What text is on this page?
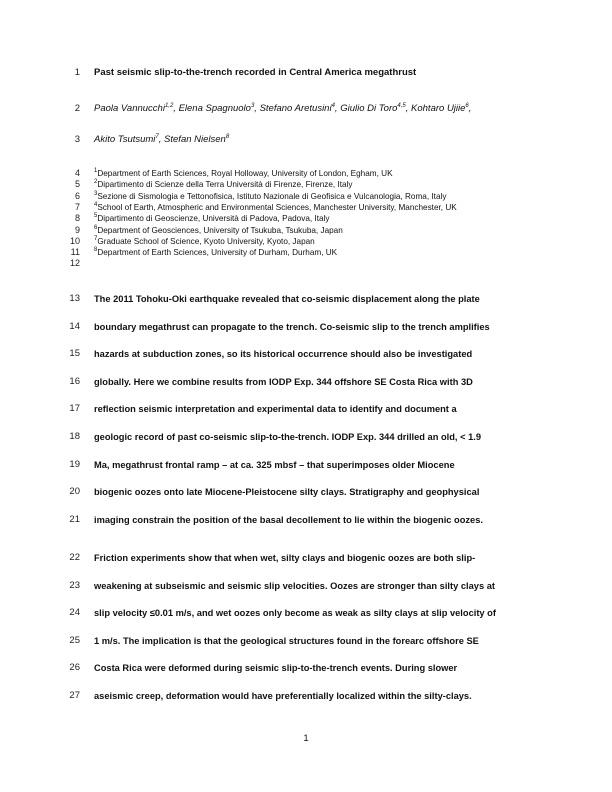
1 Past seismic slip-to-the-trench recorded in Central America megathrust
2 Paola Vannucchi$^{1,2}$, Elena Spagnuolo$^3$, Stefano Aretusini$^4$, Giulio Di Toro$^{4,5}$, Kohtaro Ujiie$^6$,
3 Akito Tsutsumi$^7$, Stefan Nielsen$^8$
4 $^1$Department of Earth Sciences, Royal Holloway, University of London, Egham, UK
5 $^2$Dipartimento di Scienze della Terra Università di Firenze, Firenze, Italy
6 $^3$Sezione di Sismologia e Tettonofisica, Istituto Nazionale di Geofisica e Vulcanologia, Roma, Italy
7 $^4$School of Earth, Atmospheric and Environmental Sciences, Manchester University, Manchester, UK
8 $^5$Dipartimento di Geoscienze, Università di Padova, Padova, Italy
9 $^6$Department of Geosciences, University of Tsukuba, Tsukuba, Japan
10 $^7$Graduate School of Science, Kyoto University, Kyoto, Japan
11 $^8$Department of Earth Sciences, University of Durham, Durham, UK
12
13 The 2011 Tohoku-Oki earthquake revealed that co-seismic displacement along the plate
14 boundary megathrust can propagate to the trench. Co-seismic slip to the trench amplifies
15 hazards at subduction zones, so its historical occurrence should also be investigated
16 globally. Here we combine results from IODP Exp. 344 offshore SE Costa Rica with 3D
17 reflection seismic interpretation and experimental data to identify and document a
18 geologic record of past co-seismic slip-to-the-trench. IODP Exp. 344 drilled an old, < 1.9
19 Ma, megathrust frontal ramp – at ca. 325 mbsf – that superimposes older Miocene
20 biogenic oozes onto late Miocene-Pleistocene silty clays. Stratigraphy and geophysical
21 imaging constrain the position of the basal decollement to lie within the biogenic oozes.
22 Friction experiments show that when wet, silty clays and biogenic oozes are both slip-
23 weakening at subseismic and seismic slip velocities. Oozes are stronger than silty clays at
24 slip velocity ≤0.01 m/s, and wet oozes only become as weak as silty clays at slip velocity of
25 1 m/s. The implication is that the geological structures found in the forearc offshore SE
26 Costa Rica were deformed during seismic slip-to-the-trench events. During slower
27 aseismic creep, deformation would have preferentially localized within the silty-clays.
1
